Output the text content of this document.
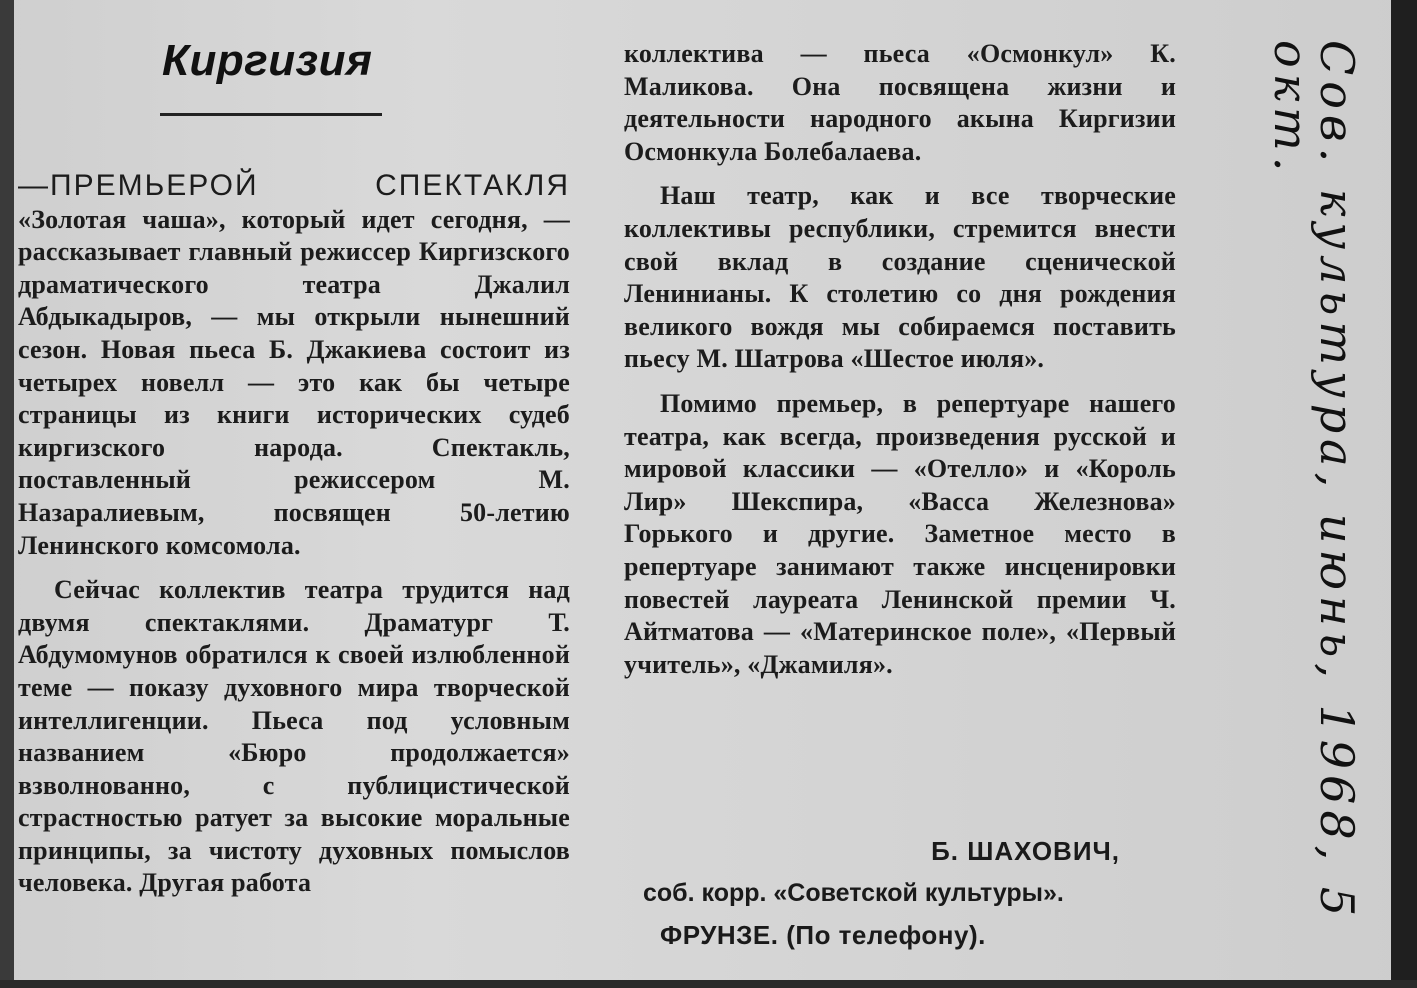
Киргизия

—ПРЕМЬЕРОЙ СПЕКТАКЛЯ «Золотая чаша», который идет сегодня, — рассказывает главный режиссер Киргизского драматического театра Джалил Абдыкадыров, — мы открыли нынешний сезон. Новая пьеса Б. Джакиева состоит из четырех новелл — это как бы четыре страницы из книги исторических судеб киргизского народа. Спектакль, поставленный режиссером М. Назаралиевым, посвящен 50-летию Ленинского комсомола.

Сейчас коллектив театра трудится над двумя спектаклями. Драматург Т. Абдумомунов обратился к своей излюбленной теме — показу духовного мира творческой интеллигенции. Пьеса под условным названием «Бюро продолжается» взволнованно, с публицистической страстностью ратует за высокие моральные принципы, за чистоту духовных помыслов человека. Другая работа

коллектива — пьеса «Осмонкул» К. Маликова. Она посвящена жизни и деятельности народного акына Киргизии Осмонкула Болебалаева.

Наш театр, как и все творческие коллективы республики, стремится внести свой вклад в создание сценической Ленинианы. К столетию со дня рождения великого вождя мы собираемся поставить пьесу М. Шатрова «Шестое июля».

Помимо премьер, в репертуаре нашего театра, как всегда, произведения русской и мировой классики — «Отелло» и «Король Лир» Шекспира, «Васса Железнова» Горького и другие. Заметное место в репертуаре занимают также инсценировки повестей лауреата Ленинской премии Ч. Айтматова — «Материнское поле», «Первый учитель», «Джамиля».

Б. ШАХОВИЧ,
соб. корр. «Советской культуры».
ФРУНЗЕ. (По телефону).
Сов. культура, июнь, 1968, 5 окт.
